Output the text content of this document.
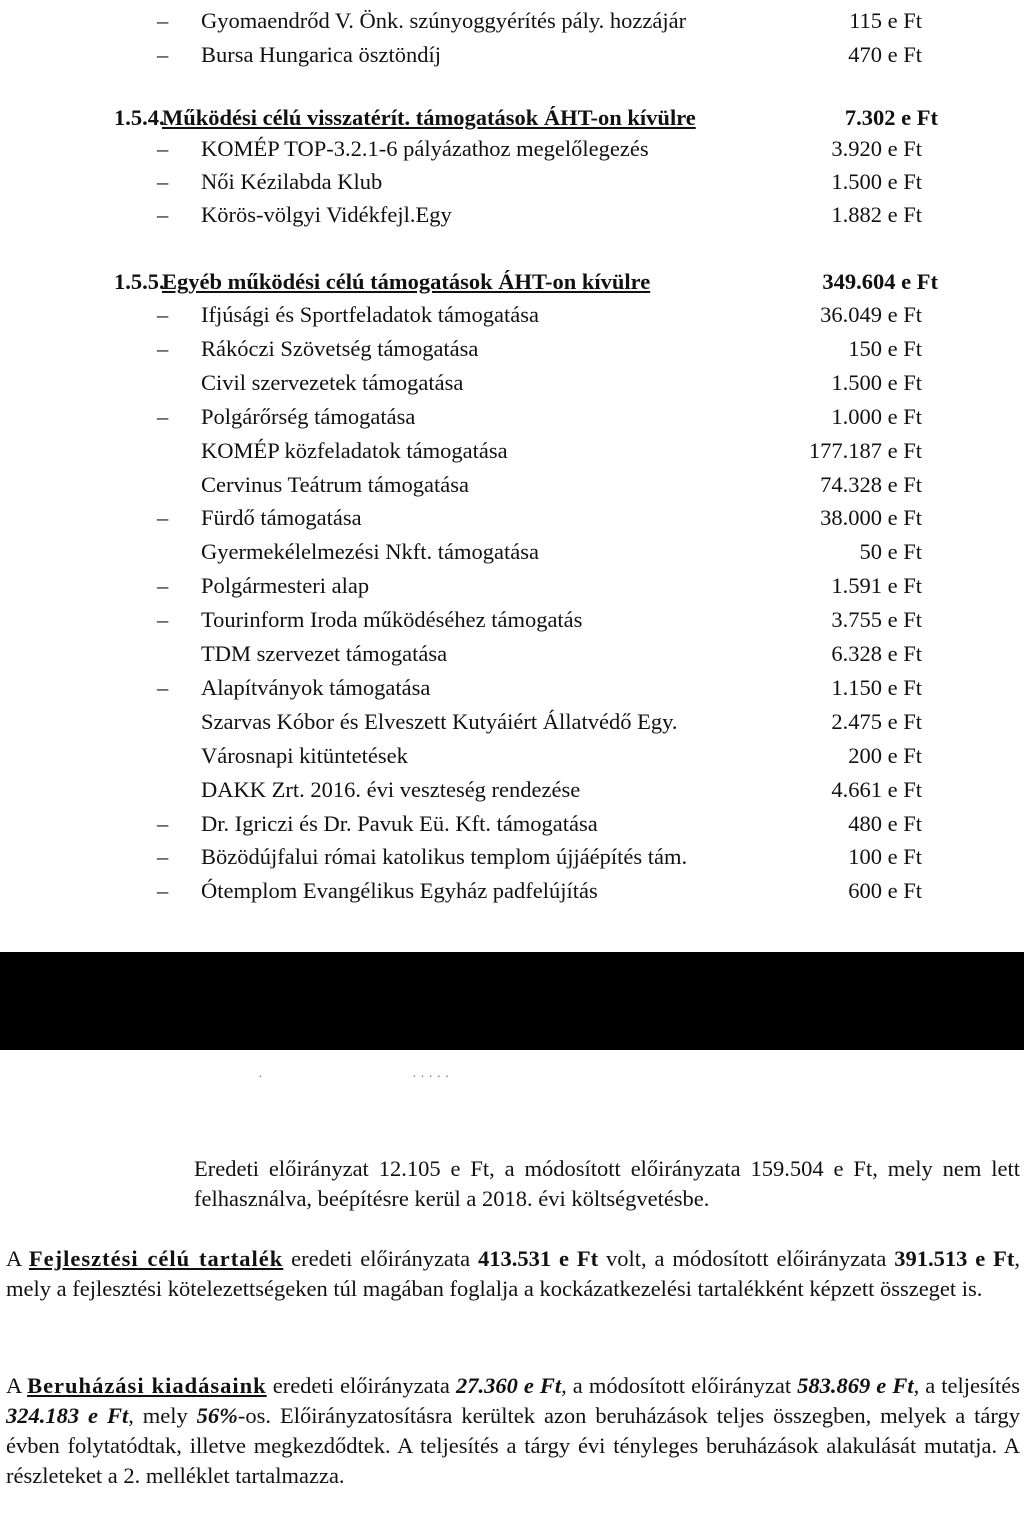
– Gyomaendrőd V. Önk. szúnyoggyérítés pály. hozzájár	115 e Ft
– Bursa Hungarica ösztöndíj	470 e Ft
1.5.4.
Működési célú visszatérít. támogatások ÁHT-on kívülre	7.302 e Ft
– KOMÉP TOP-3.2.1-6 pályázathoz megelőlegezés	3.920 e Ft
– Női Kézilabda Klub	1.500 e Ft
– Körös-völgyi Vidékfejl.Egy	1.882 e Ft
1.5.5.
Egyéb működési célú támogatások ÁHT-on kívülre	349.604 e Ft
– Ifjúsági és Sportfeladatok támogatása	36.049 e Ft
– Rákóczi Szövetség támogatása	150 e Ft
Civil szervezetek támogatása	1.500 e Ft
– Polgárőrség támogatása	1.000 e Ft
KOMÉP közfeladatok támogatása	177.187 e Ft
Cervinus Teátrum támogatása	74.328 e Ft
– Fürdő támogatása	38.000 e Ft
Gyermekélelmezési Nkft. támogatása	50 e Ft
– Polgármesteri alap	1.591 e Ft
– Tourinform Iroda működéséhez támogatás	3.755 e Ft
TDM szervezet támogatása	6.328 e Ft
– Alapítványok támogatása	1.150 e Ft
Szarvas Kóbor és Elveszett Kutyáiért Állatvédő Egy.	2.475 e Ft
Városnapi kitüntetések	200 e Ft
DAKK Zrt. 2016. évi veszteség rendezése	4.661 e Ft
– Dr. Igriczi és Dr. Pavuk Eü. Kft. támogatása	480 e Ft
– Bözödújfalui római katolikus templom újjáépítés tám.	100 e Ft
– Ótemplom Evangélikus Egyház padfelújítás	600 e Ft
·	· · · · ·

Eredeti előirányzat 12.105 e Ft, a módosított előirányzata 159.504 e Ft, mely nem lett felhasználva, beépítésre kerül a 2018. évi költségvetésbe.

A Fejlesztési célú tartalék eredeti előirányzata 413.531 e Ft volt, a módosított előirányzata 391.513 e Ft, mely a fejlesztési kötelezettségeken túl magában foglalja a kockázatkezelési tartalékként képzett összeget is.

A Beruházási kiadásaink eredeti előirányzata 27.360 e Ft, a módosított előirányzat 583.869 e Ft, a teljesítés 324.183 e Ft, mely 56%-os. Előirányzatosításra kerültek azon beruházások teljes összegben, melyek a tárgy évben folytatódtak, illetve megkezdődtek. A teljesítés a tárgy évi tényleges beruházások alakulását mutatja. A részleteket a 2. melléklet tartalmazza.
